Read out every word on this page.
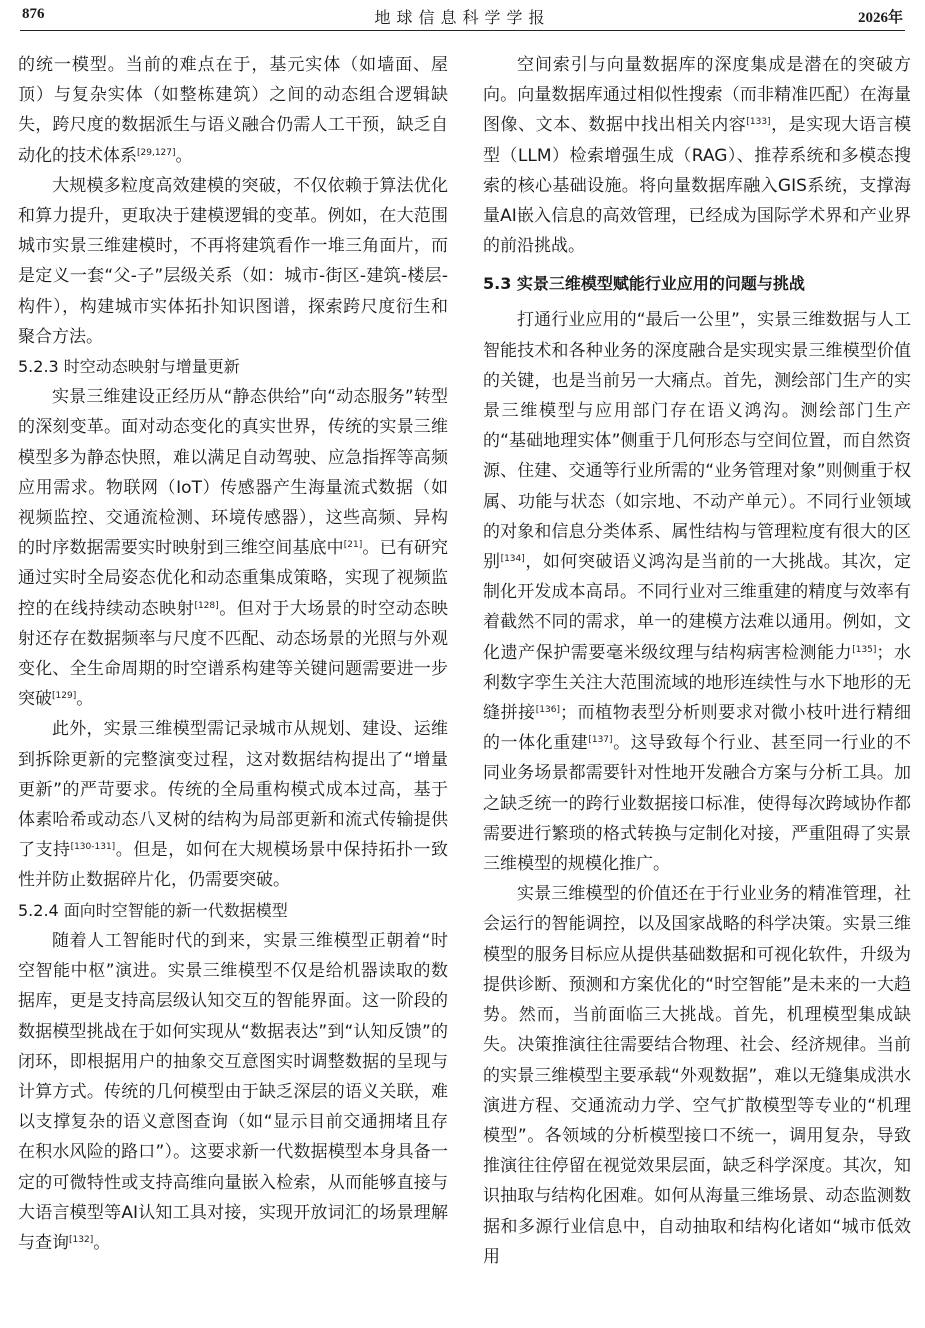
876	地球信息科学学报	2026年

的统一模型。当前的难点在于，基元实体（如墙面、屋顶）与复杂实体（如整栋建筑）之间的动态组合逻辑缺失，跨尺度的数据派生与语义融合仍需人工干预，缺乏自动化的技术体系[29,127]。

大规模多粒度高效建模的突破，不仅依赖于算法优化和算力提升，更取决于建模逻辑的变革。例如，在大范围城市实景三维建模时，不再将建筑看作一堆三角面片，而是定义一套“父-子”层级关系（如：城市-街区-建筑-楼层-构件），构建城市实体拓扑知识图谱，探索跨尺度衍生和聚合方法。

5.2.3 时空动态映射与增量更新

实景三维建设正经历从“静态供给”向“动态服务”转型的深刻变革。面对动态变化的真实世界，传统的实景三维模型多为静态快照，难以满足自动驾驶、应急指挥等高频应用需求。物联网（IoT）传感器产生海量流式数据（如视频监控、交通流检测、环境传感器），这些高频、异构的时序数据需要实时映射到三维空间基底中[21]。已有研究通过实时全局姿态优化和动态重集成策略，实现了视频监控的在线持续动态映射[128]。但对于大场景的时空动态映射还存在数据频率与尺度不匹配、动态场景的光照与外观变化、全生命周期的时空谱系构建等关键问题需要进一步突破[129]。

此外，实景三维模型需记录城市从规划、建设、运维到拆除更新的完整演变过程，这对数据结构提出了“增量更新”的严苛要求。传统的全局重构模式成本过高，基于体素哈希或动态八叉树的结构为局部更新和流式传输提供了支持[130-131]。但是，如何在大规模场景中保持拓扑一致性并防止数据碎片化，仍需要突破。

5.2.4 面向时空智能的新一代数据模型

随着人工智能时代的到来，实景三维模型正朝着“时空智能中枢”演进。实景三维模型不仅是给机器读取的数据库，更是支持高层级认知交互的智能界面。这一阶段的数据模型挑战在于如何实现从“数据表达”到“认知反馈”的闭环，即根据用户的抽象交互意图实时调整数据的呈现与计算方式。传统的几何模型由于缺乏深层的语义关联，难以支撑复杂的语义意图查询（如“显示目前交通拥堵且存在积水风险的路口”）。这要求新一代数据模型本身具备一定的可微特性或支持高维向量嵌入检索，从而能够直接与大语言模型等AI认知工具对接，实现开放词汇的场景理解与查询[132]。

空间索引与向量数据库的深度集成是潜在的突破方向。向量数据库通过相似性搜索（而非精准匹配）在海量图像、文本、数据中找出相关内容[133]，是实现大语言模型（LLM）检索增强生成（RAG）、推荐系统和多模态搜索的核心基础设施。将向量数据库融入GIS系统，支撑海量AI嵌入信息的高效管理，已经成为国际学术界和产业界的前沿挑战。

5.3 实景三维模型赋能行业应用的问题与挑战

打通行业应用的“最后一公里”，实景三维数据与人工智能技术和各种业务的深度融合是实现实景三维模型价值的关键，也是当前另一大痛点。首先，测绘部门生产的实景三维模型与应用部门存在语义鸿沟。测绘部门生产的“基础地理实体”侧重于几何形态与空间位置，而自然资源、住建、交通等行业所需的“业务管理对象”则侧重于权属、功能与状态（如宗地、不动产单元）。不同行业领域的对象和信息分类体系、属性结构与管理粒度有很大的区别[134]，如何突破语义鸿沟是当前的一大挑战。其次，定制化开发成本高昂。不同行业对三维重建的精度与效率有着截然不同的需求，单一的建模方法难以通用。例如，文化遗产保护需要毫米级纹理与结构病害检测能力[135]；水利数字孪生关注大范围流域的地形连续性与水下地形的无缝拼接[136]；而植物表型分析则要求对微小枝叶进行精细的一体化重建[137]。这导致每个行业、甚至同一行业的不同业务场景都需要针对性地开发融合方案与分析工具。加之缺乏统一的跨行业数据接口标准，使得每次跨域协作都需要进行繁琐的格式转换与定制化对接，严重阻碍了实景三维模型的规模化推广。

实景三维模型的价值还在于行业业务的精准管理，社会运行的智能调控，以及国家战略的科学决策。实景三维模型的服务目标应从提供基础数据和可视化软件，升级为提供诊断、预测和方案优化的“时空智能”是未来的一大趋势。然而，当前面临三大挑战。首先，机理模型集成缺失。决策推演往往需要结合物理、社会、经济规律。当前的实景三维模型主要承载“外观数据”，难以无缝集成洪水演进方程、交通流动力学、空气扩散模型等专业的“机理模型”。各领域的分析模型接口不统一，调用复杂，导致推演往往停留在视觉效果层面，缺乏科学深度。其次，知识抽取与结构化困难。如何从海量三维场景、动态监测数据和多源行业信息中，自动抽取和结构化诸如“城市低效用
